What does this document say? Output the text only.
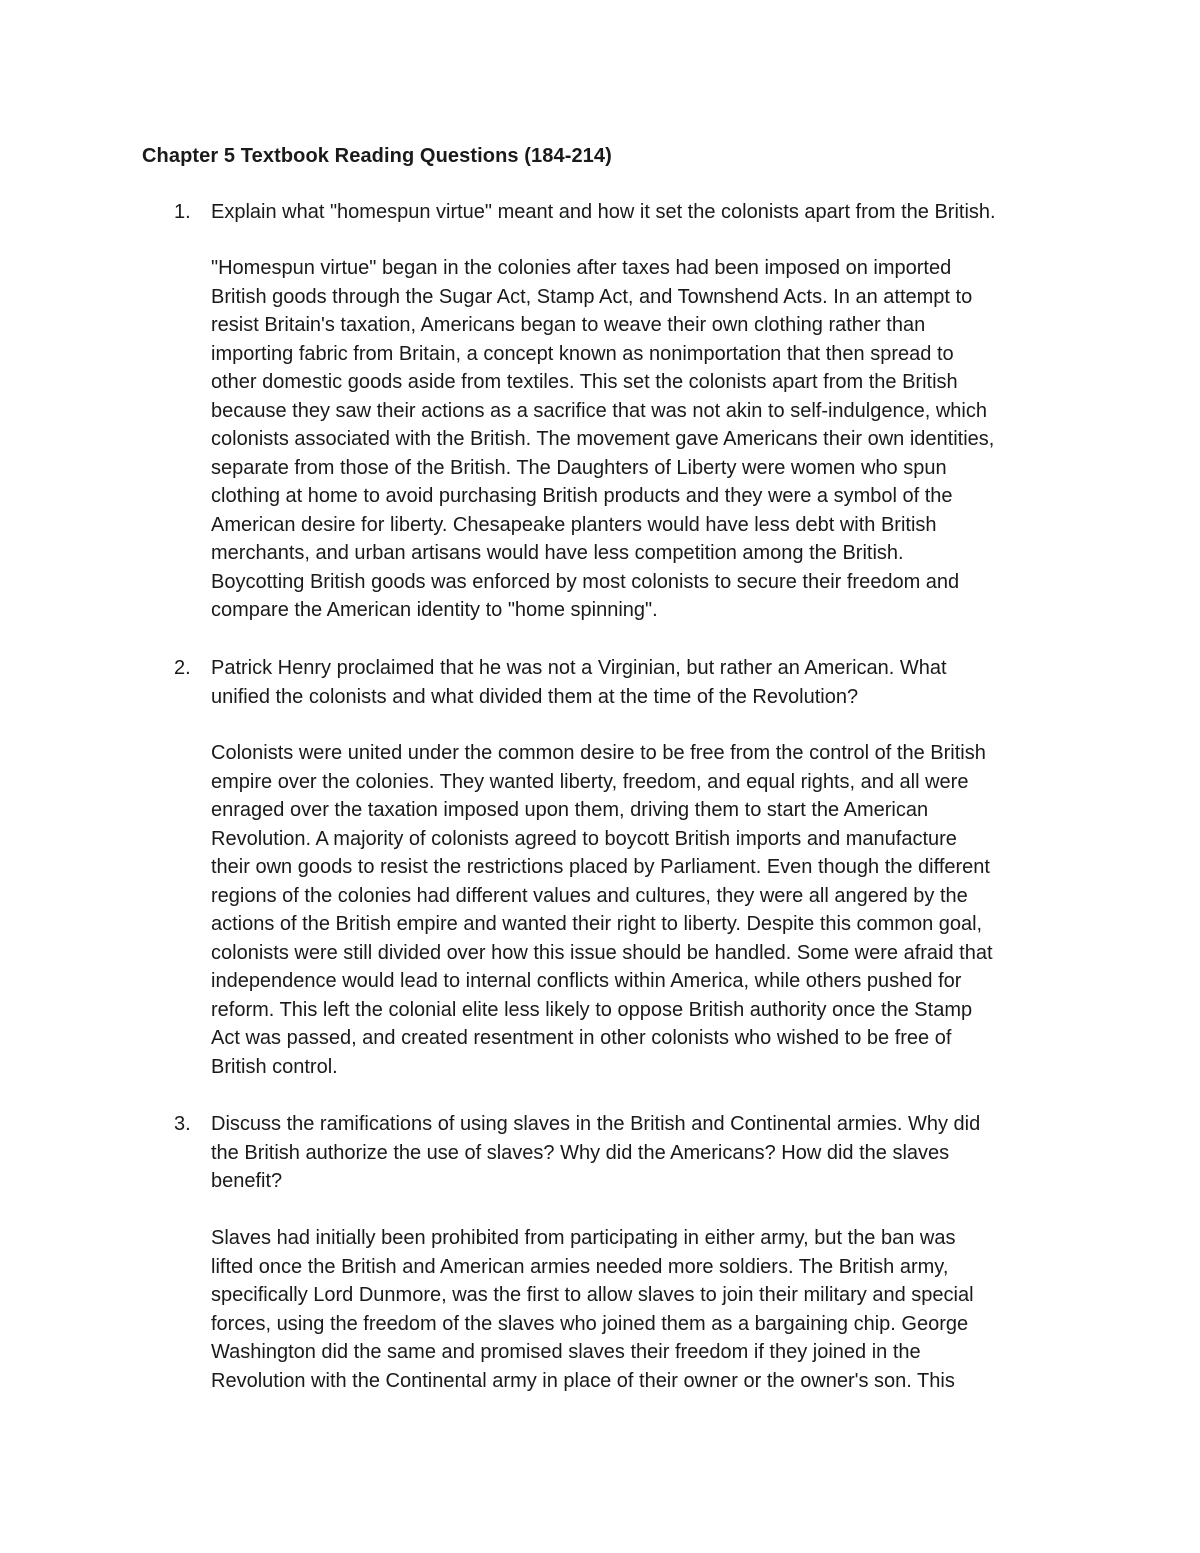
Chapter 5 Textbook Reading Questions (184-214)
1. Explain what "homespun virtue" meant and how it set the colonists apart from the British.
"Homespun virtue" began in the colonies after taxes had been imposed on imported
British goods through the Sugar Act, Stamp Act, and Townshend Acts. In an attempt to
resist Britain's taxation, Americans began to weave their own clothing rather than
importing fabric from Britain, a concept known as nonimportation that then spread to
other domestic goods aside from textiles. This set the colonists apart from the British
because they saw their actions as a sacrifice that was not akin to self-indulgence, which
colonists associated with the British. The movement gave Americans their own identities,
separate from those of the British. The Daughters of Liberty were women who spun
clothing at home to avoid purchasing British products and they were a symbol of the
American desire for liberty. Chesapeake planters would have less debt with British
merchants, and urban artisans would have less competition among the British.
Boycotting British goods was enforced by most colonists to secure their freedom and
compare the American identity to "home spinning".
2. Patrick Henry proclaimed that he was not a Virginian, but rather an American. What
unified the colonists and what divided them at the time of the Revolution?
Colonists were united under the common desire to be free from the control of the British
empire over the colonies. They wanted liberty, freedom, and equal rights, and all were
enraged over the taxation imposed upon them, driving them to start the American
Revolution. A majority of colonists agreed to boycott British imports and manufacture
their own goods to resist the restrictions placed by Parliament. Even though the different
regions of the colonies had different values and cultures, they were all angered by the
actions of the British empire and wanted their right to liberty. Despite this common goal,
colonists were still divided over how this issue should be handled. Some were afraid that
independence would lead to internal conflicts within America, while others pushed for
reform. This left the colonial elite less likely to oppose British authority once the Stamp
Act was passed, and created resentment in other colonists who wished to be free of
British control.
3. Discuss the ramifications of using slaves in the British and Continental armies. Why did
the British authorize the use of slaves? Why did the Americans? How did the slaves
benefit?
Slaves had initially been prohibited from participating in either army, but the ban was
lifted once the British and American armies needed more soldiers. The British army,
specifically Lord Dunmore, was the first to allow slaves to join their military and special
forces, using the freedom of the slaves who joined them as a bargaining chip. George
Washington did the same and promised slaves their freedom if they joined in the
Revolution with the Continental army in place of their owner or the owner's son. This
